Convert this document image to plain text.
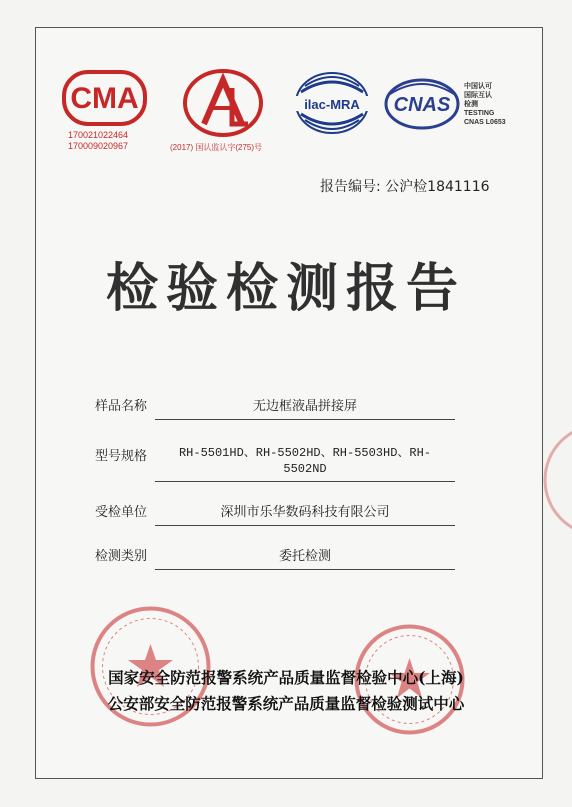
CMA
170021022464
170009020967	(2017) 国认监认字(275)号
ilac-MRA CNAS
中国认可
国际互认
检测
TESTING
CNAS L0653
报告编号: 公沪检1841116
检验检测报告
样品名称	无边框液晶拼接屏
型号规格	RH-5501HD、RH-5502HD、RH-5503HD、RH-
5502ND
受检单位	深圳市乐华数码科技有限公司
检测类别	委托检测
国家安全防范报警系统产品质量监督检验中心(上海)
公安部安全防范报警系统产品质量监督检验测试中心
